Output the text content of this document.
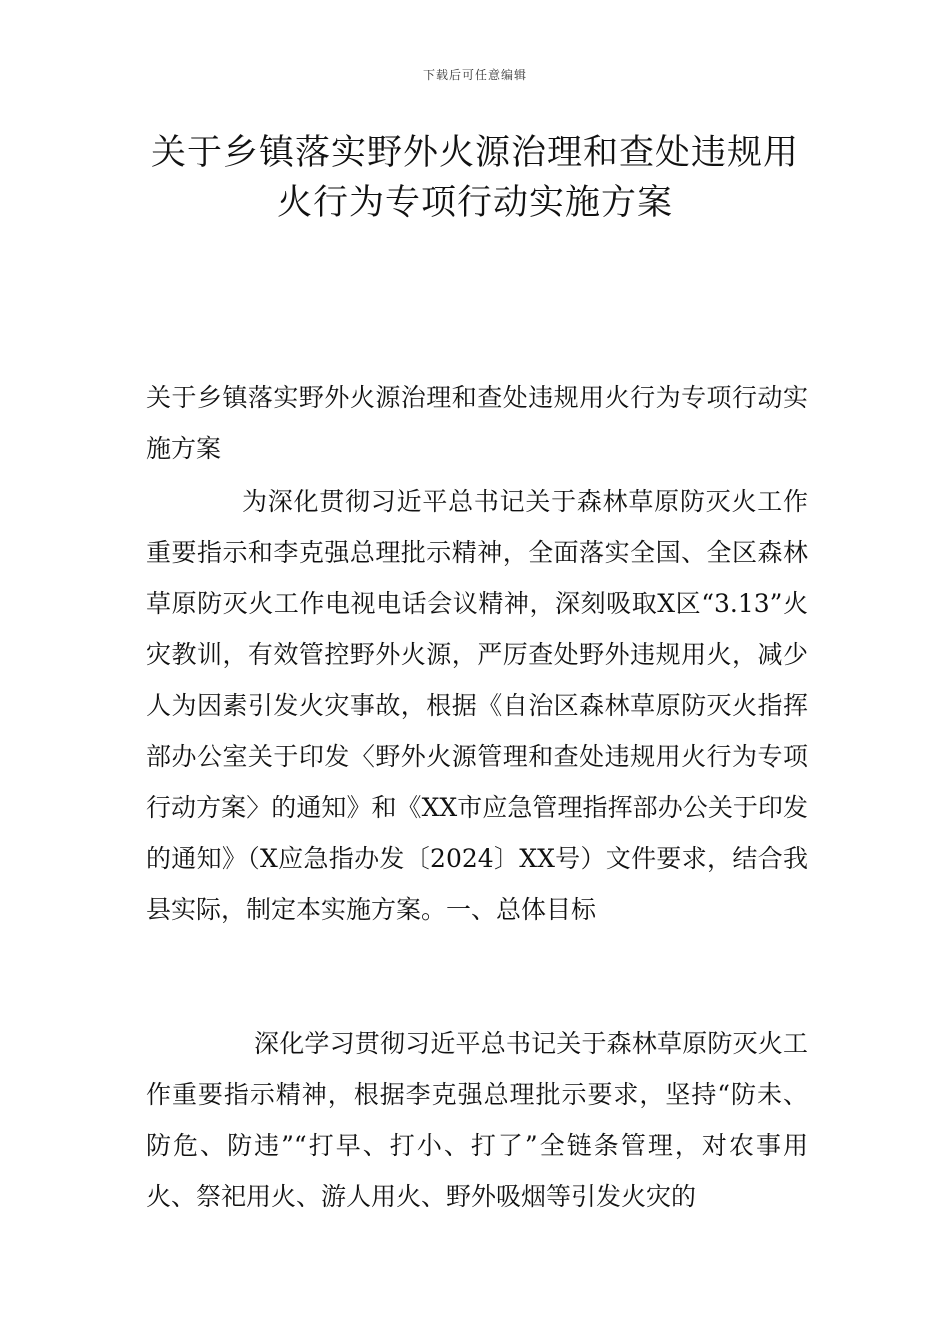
下载后可任意编辑
关于乡镇落实野外火源治理和查处违规用
火行为专项行动实施方案

关于乡镇落实野外火源治理和查处违规用火行为专项行动实施方案

为深化贯彻习近平总书记关于森林草原防灭火工作重要指示和李克强总理批示精神，全面落实全国、全区森林草原防灭火工作电视电话会议精神，深刻吸取X区“3.13”火灾教训，有效管控野外火源，严厉查处野外违规用火，减少人为因素引发火灾事故，根据《自治区森林草原防灭火指挥部办公室关于印发〈野外火源管理和查处违规用火行为专项行动方案〉的通知》和《XX市应急管理指挥部办公关于印发的通知》（X应急指办发〔2024〕XX号）文件要求，结合我县实际，制定本实施方案。一、总体目标

深化学习贯彻习近平总书记关于森林草原防灭火工作重要指示精神，根据李克强总理批示要求，坚持“防未、防危、防违”“打早、打小、打了”全链条管理，对农事用火、祭祀用火、游人用火、野外吸烟等引发火灾的
